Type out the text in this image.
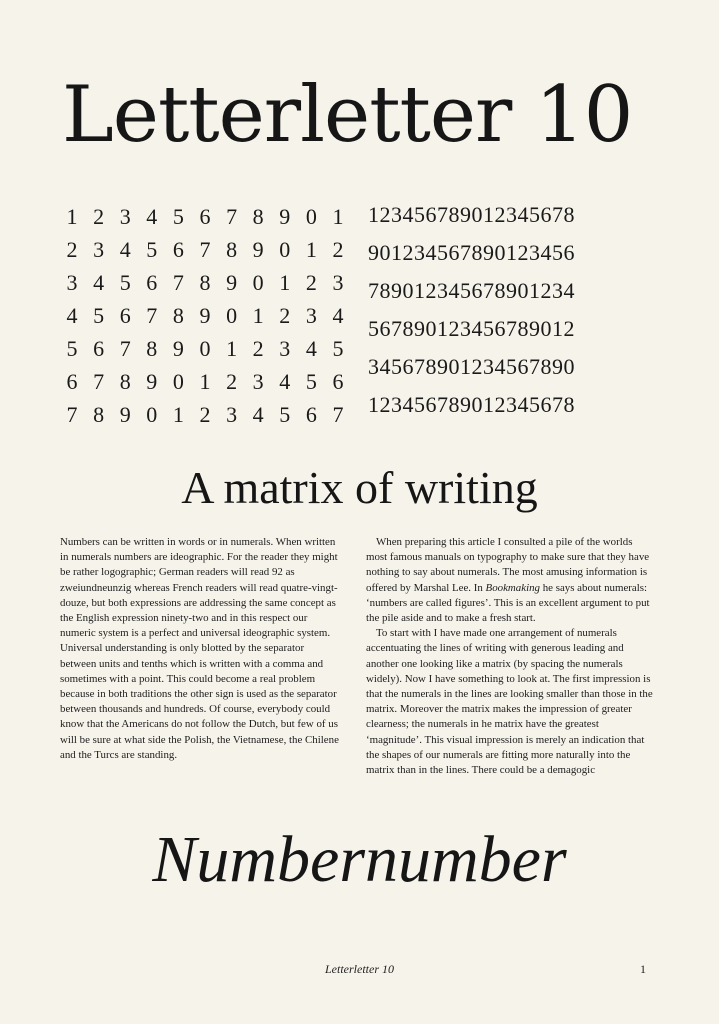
Letterletter 10
1 2 3 4 5 6 7 8 9 0 1
2 3 4 5 6 7 8 9 0 1 2
3 4 5 6 7 8 9 0 1 2 3
4 5 6 7 8 9 0 1 2 3 4
5 6 7 8 9 0 1 2 3 4 5
6 7 8 9 0 1 2 3 4 5 6
7 8 9 0 1 2 3 4 5 6 7
123456789012345678
901234567890123456
789012345678901234
567890123456789012
345678901234567890
123456789012345678
A matrix of writing

Numbers can be written in words or in numerals. When written in numerals numbers are ideographic. For the reader they might be rather logographic; German readers will read 92 as zweiundneunzig whereas French readers will read quatre-vingt-douze, but both expressions are addressing the same concept as the English expression ninety-two and in this respect our numeric system is a perfect and universal ideographic system. Universal understanding is only blotted by the separator between units and tenths which is written with a comma and sometimes with a point. This could become a real problem because in both traditions the other sign is used as the separator between thousands and hundreds. Of course, everybody could know that the Americans do not follow the Dutch, but few of us will be sure at what side the Polish, the Vietnamese, the Chilene and the Turcs are standing.

When preparing this article I consulted a pile of the worlds most famous manuals on typography to make sure that they have nothing to say about numerals. The most amusing information is offered by Marshal Lee. In Bookmaking he says about numerals: ‘numbers are called figures’. This is an excellent argument to put the pile aside and to make a fresh start.

To start with I have made one arrangement of numerals accentuating the lines of writing with generous leading and another one looking like a matrix (by spacing the numerals widely). Now I have something to look at. The first impression is that the numerals in the lines are looking smaller than those in the matrix. Moreover the matrix makes the impression of greater clearness; the numerals in he matrix have the greatest ‘magnitude’. This visual impression is merely an indication that the shapes of our numerals are fitting more naturally into the matrix than in the lines. There could be a demagogic

Numbernumber
Letterletter 10	1
